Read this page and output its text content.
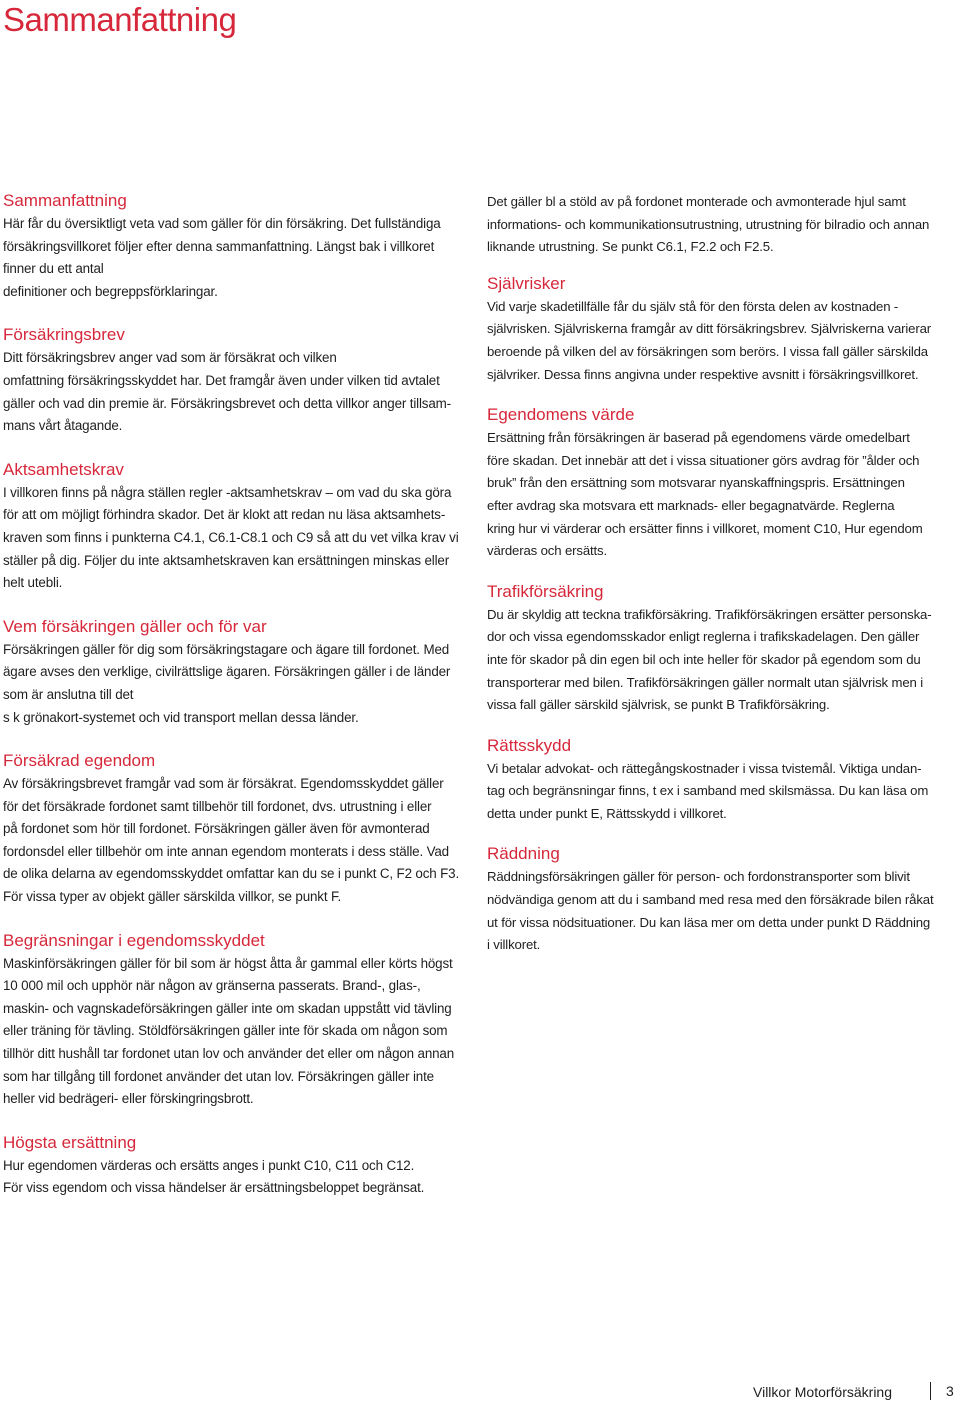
Sammanfattning
Sammanfattning
Här får du översiktligt veta vad som gäller för din försäkring. Det fullständiga
försäkringsvillkoret följer efter denna sammanfattning. Längst bak i villkoret
finner du ett antal
definitioner och begreppsförklaringar.
Försäkringsbrev
Ditt försäkringsbrev anger vad som är försäkrat och vilken
omfattning försäkringsskyddet har. Det framgår även under vilken tid avtalet
gäller och vad din premie är. Försäkringsbrevet och detta villkor anger tillsam-
mans vårt åtagande.
Aktsamhetskrav
I villkoren finns på några ställen regler -aktsamhetskrav – om vad du ska göra
för att om möjligt förhindra skador. Det är klokt att redan nu läsa aktsamhets-
kraven som finns i punkterna C4.1, C6.1-C8.1 och C9 så att du vet vilka krav vi
ställer på dig. Följer du inte aktsamhetskraven kan ersättningen minskas eller
helt utebli.
Vem försäkringen gäller och för var
Försäkringen gäller för dig som försäkringstagare och ägare till fordonet. Med
ägare avses den verklige, civilrättslige ägaren. Försäkringen gäller i de länder
som är anslutna till det
s k grönakort-systemet och vid transport mellan dessa länder.
Försäkrad egendom
Av försäkringsbrevet framgår vad som är försäkrat. Egendomsskyddet gäller
för det försäkrade fordonet samt tillbehör till fordonet, dvs. utrustning i eller
på fordonet som hör till fordonet. Försäkringen gäller även för avmonterad
fordonsdel eller tillbehör om inte annan egendom monterats i dess ställe. Vad
de olika delarna av egendomsskyddet omfattar kan du se i punkt C, F2 och F3.
För vissa typer av objekt gäller särskilda villkor, se punkt F.
Begränsningar i egendomsskyddet
Maskinförsäkringen gäller för bil som är högst åtta år gammal eller körts högst
10 000 mil och upphör när någon av gränserna passerats. Brand-, glas-,
maskin- och vagnskadeförsäkringen gäller inte om skadan uppstått vid tävling
eller träning för tävling. Stöldförsäkringen gäller inte för skada om någon som
tillhör ditt hushåll tar fordonet utan lov och använder det eller om någon annan
som har tillgång till fordonet använder det utan lov. Försäkringen gäller inte
heller vid bedrägeri- eller förskingringsbrott.
Högsta ersättning
Hur egendomen värderas och ersätts anges i punkt C10, C11 och C12.
För viss egendom och vissa händelser är ersättningsbeloppet begränsat.
Det gäller bl a stöld av på fordonet monterade och avmonterade hjul samt
informations- och kommunikationsutrustning, utrustning för bilradio och annan
liknande utrustning. Se punkt C6.1, F2.2 och F2.5.
Självrisker
Vid varje skadetillfälle får du själv stå för den första delen av kostnaden -
självrisken. Självriskerna framgår av ditt försäkringsbrev. Självriskerna varierar
beroende på vilken del av försäkringen som berörs. I vissa fall gäller särskilda
självriker. Dessa finns angivna under respektive avsnitt i försäkringsvillkoret.
Egendomens värde
Ersättning från försäkringen är baserad på egendomens värde omedelbart
före skadan. Det innebär att det i vissa situationer görs avdrag för ”ålder och
bruk” från den ersättning som motsvarar nyanskaffningspris. Ersättningen
efter avdrag ska motsvara ett marknads- eller begagnatvärde. Reglerna
kring hur vi värderar och ersätter finns i villkoret, moment C10, Hur egendom
värderas och ersätts.
Trafikförsäkring
Du är skyldig att teckna trafikförsäkring. Trafikförsäkringen ersätter personska-
dor och vissa egendomsskador enligt reglerna i trafikskadelagen. Den gäller
inte för skador på din egen bil och inte heller för skador på egendom som du
transporterar med bilen. Trafikförsäkringen gäller normalt utan självrisk men i
vissa fall gäller särskild självrisk, se punkt B Trafikförsäkring.
Rättsskydd
Vi betalar advokat- och rättegångskostnader i vissa tvistemål. Viktiga undan-
tag och begränsningar finns, t ex i samband med skilsmässa. Du kan läsa om
detta under punkt E, Rättsskydd i villkoret.
Räddning
Räddningsförsäkringen gäller för person- och fordonstransporter som blivit
nödvändiga genom att du i samband med resa med den försäkrade bilen råkat
ut för vissa nödsituationer. Du kan läsa mer om detta under punkt D Räddning
i villkoret.
Villkor Motorförsäkring	3
